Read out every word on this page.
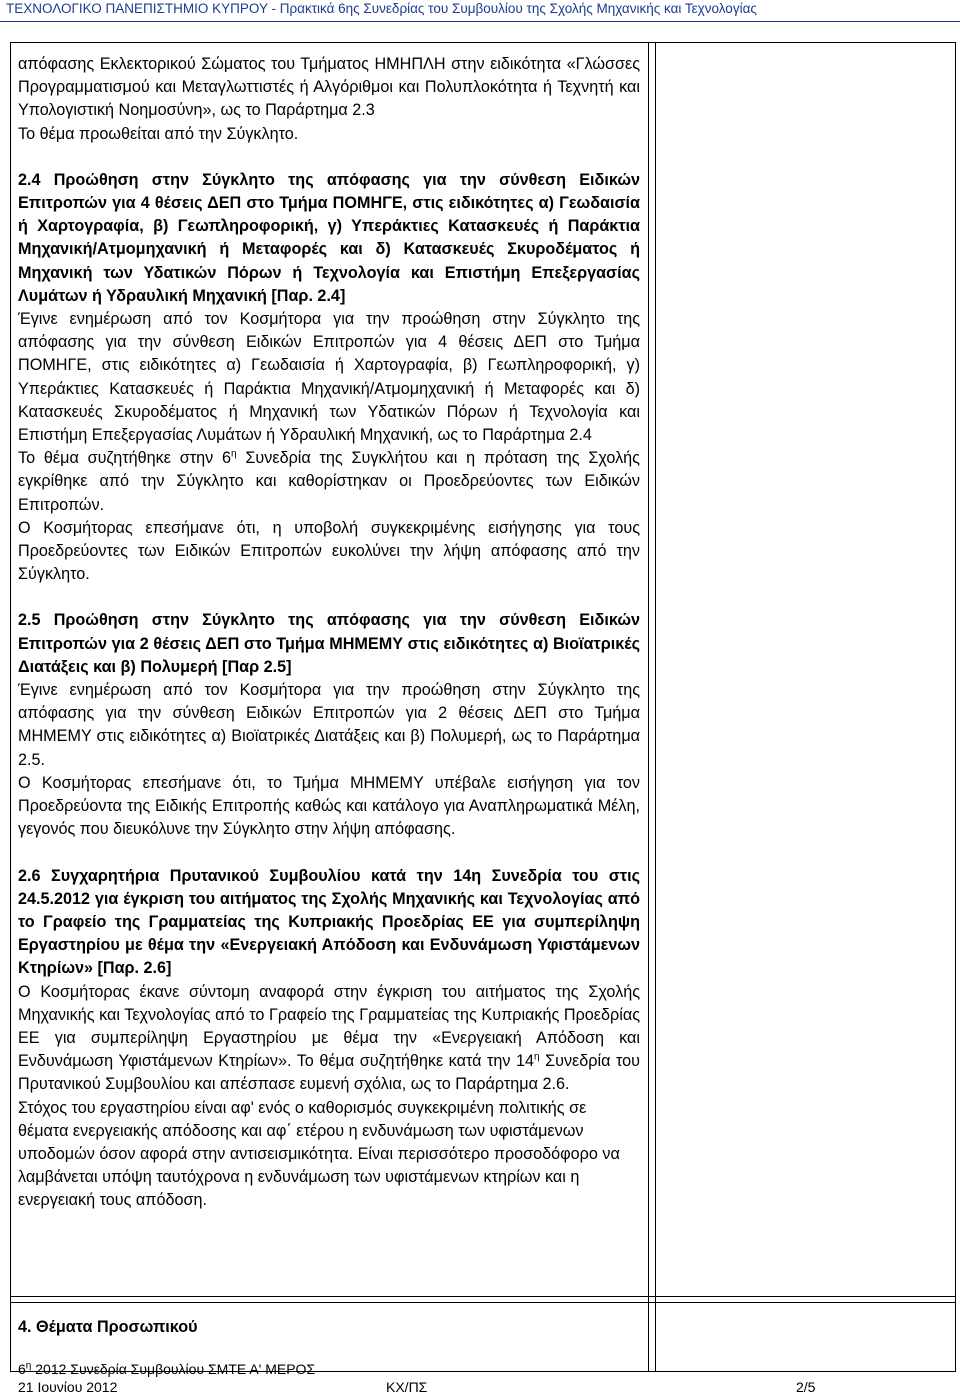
ΤΕΧΝΟΛΟΓΙΚΟ ΠΑΝΕΠΙΣΤΗΜΙΟ ΚΥΠΡΟΥ - Πρακτικά 6ης Συνεδρίας του Συμβουλίου της Σχολής Μηχανικής και Τεχνολογίας

απόφασης Εκλεκτορικού Σώματος του Τμήματος ΗΜΗΠΛΗ στην ειδικότητα «Γλώσσες Προγραμματισμού και Μεταγλωττιστές ή Αλγόριθμοι και Πολυπλοκότητα ή Τεχνητή και Υπολογιστική Νοημοσύνη», ως το Παράρτημα 2.3

Το θέμα προωθείται από την Σύγκλητο.

2.4 Προώθηση στην Σύγκλητο της απόφασης για την σύνθεση Ειδικών Επιτροπών για 4 θέσεις ΔΕΠ στο Τμήμα ΠΟΜΗΓΕ, στις ειδικότητες α) Γεωδαισία ή Χαρτογραφία, β) Γεωπληροφορική, γ) Υπεράκτιες Κατασκευές ή Παράκτια Μηχανική/Ατμομηχανική ή Μεταφορές και δ) Κατασκευές Σκυροδέματος ή Μηχανική των Υδατικών Πόρων ή Τεχνολογία και Επιστήμη Επεξεργασίας Λυμάτων ή Υδραυλική Μηχανική [Παρ. 2.4]

Έγινε ενημέρωση από τον Κοσμήτορα για την προώθηση στην Σύγκλητο της απόφασης για την σύνθεση Ειδικών Επιτροπών για 4 θέσεις ΔΕΠ στο Τμήμα ΠΟΜΗΓΕ, στις ειδικότητες α) Γεωδαισία ή Χαρτογραφία, β) Γεωπληροφορική, γ) Υπεράκτιες Κατασκευές ή Παράκτια Μηχανική/Ατμομηχανική ή Μεταφορές και δ) Κατασκευές Σκυροδέματος ή Μηχανική των Υδατικών Πόρων ή Τεχνολογία και Επιστήμη Επεξεργασίας Λυμάτων ή Υδραυλική Μηχανική, ως το Παράρτημα 2.4

Το θέμα συζητήθηκε στην $6^\eta$ Συνεδρία της Συγκλήτου και η πρόταση της Σχολής εγκρίθηκε από την Σύγκλητο και καθορίστηκαν οι Προεδρεύοντες των Ειδικών Επιτροπών.

Ο Κοσμήτορας επεσήμανε ότι, η υποβολή συγκεκριμένης εισήγησης για τους Προεδρεύοντες των Ειδικών Επιτροπών ευκολύνει την λήψη απόφασης από την Σύγκλητο.

2.5 Προώθηση στην Σύγκλητο της απόφασης για την σύνθεση Ειδικών Επιτροπών για 2 θέσεις ΔΕΠ στο Τμήμα ΜΗΜΕΜΥ στις ειδικότητες α) Βιοϊατρικές Διατάξεις και β) Πολυμερή [Παρ 2.5]

Έγινε ενημέρωση από τον Κοσμήτορα για την προώθηση στην Σύγκλητο της απόφασης για την σύνθεση Ειδικών Επιτροπών για 2 θέσεις ΔΕΠ στο Τμήμα ΜΗΜΕΜΥ στις ειδικότητες α) Βιοϊατρικές Διατάξεις και β) Πολυμερή, ως το Παράρτημα 2.5.

Ο Κοσμήτορας επεσήμανε ότι, το Τμήμα ΜΗΜΕΜΥ υπέβαλε εισήγηση για τον Προεδρεύοντα της Ειδικής Επιτροπής καθώς και κατάλογο για Αναπληρωματικά Μέλη, γεγονός που διευκόλυνε την Σύγκλητο στην λήψη απόφασης.

2.6 Συγχαρητήρια Πρυτανικού Συμβουλίου κατά την 14η Συνεδρία του στις 24.5.2012 για έγκριση του αιτήματος της Σχολής Μηχανικής και Τεχνολογίας από το Γραφείο της Γραμματείας της Κυπριακής Προεδρίας ΕΕ για συμπερίληψη Εργαστηρίου με θέμα την «Ενεργειακή Απόδοση και Ενδυνάμωση Υφιστάμενων Κτηρίων» [Παρ. 2.6]

Ο Κοσμήτορας έκανε σύντομη αναφορά στην έγκριση του αιτήματος της Σχολής Μηχανικής και Τεχνολογίας από το Γραφείο της Γραμματείας της Κυπριακής Προεδρίας ΕΕ για συμπερίληψη Εργαστηρίου με θέμα την «Ενεργειακή Απόδοση και Ενδυνάμωση Υφιστάμενων Κτηρίων». Το θέμα συζητήθηκε κατά την $14^\eta$ Συνεδρία του Πρυτανικού Συμβουλίου και απέσπασε ευμενή σχόλια, ως το Παράρτημα 2.6.

Στόχος του εργαστηρίου είναι αφ' ενός ο καθορισμός συγκεκριμένη πολιτικής σε θέματα ενεργειακής απόδοσης και αφ΄ ετέρου η ενδυνάμωση των υφιστάμενων υποδομών όσον αφορά στην αντισεισμικότητα. Είναι περισσότερο προσοδόφορο να λαμβάνεται υπόψη ταυτόχρονα η ενδυνάμωση των υφιστάμενων κτηρίων και η ενεργειακή τους απόδοση.

4. Θέματα Προσωπικού

$6^\eta$ 2012 Συνεδρία Συμβουλίου ΣΜΤΕ Α' ΜΕΡΟΣ
21 Ιουνίου 2012	ΚΧ/ΠΣ	2/5
